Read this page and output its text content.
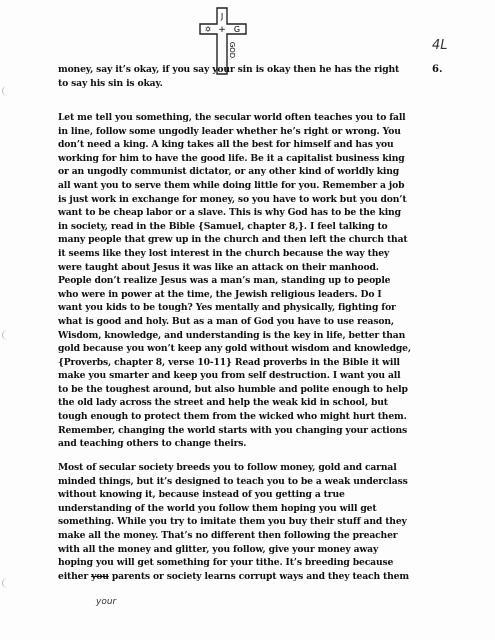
J
✡	G
+
GOD	4L
6.
money, say it’s okay, if you say your sin is okay then he has the right
to say his sin is okay.
Let me tell you something, the secular world often teaches you to fall
in line, follow some ungodly leader whether he’s right or wrong. You
don’t need a king. A king takes all the best for himself and has you
working for him to have the good life. Be it a capitalist business king
or an ungodly communist dictator, or any other kind of worldly king
all want you to serve them while doing little for you. Remember a job
is just work in exchange for money, so you have to work but you don’t
want to be cheap labor or a slave. This is why God has to be the king
in society, read in the Bible {Samuel, chapter 8,}. I feel talking to
many people that grew up in the church and then left the church that
it seems like they lost interest in the church because the way they
were taught about Jesus it was like an attack on their manhood.
People don’t realize Jesus was a man’s man, standing up to people
who were in power at the time, the Jewish religious leaders. Do I
want you kids to be tough? Yes mentally and physically, fighting for
what is good and holy. But as a man of God you have to use reason,
Wisdom, knowledge, and understanding is the key in life, better than
gold because you won’t keep any gold without wisdom and knowledge,
{Proverbs, chapter 8, verse 10-11} Read proverbs in the Bible it will
make you smarter and keep you from self destruction. I want you all
to be the toughest around, but also humble and polite enough to help
the old lady across the street and help the weak kid in school, but
tough enough to protect them from the wicked who might hurt them.
Remember, changing the world starts with you changing your actions
and teaching others to change theirs.
Most of secular society breeds you to follow money, gold and carnal
minded things, but it’s designed to teach you to be a weak underclass
without knowing it, because instead of you getting a true
understanding of the world you follow them hoping you will get
something. While you try to imitate them you buy their stuff and they
make all the money. That’s no different then following the preacher
with all the money and glitter, you follow, give your money away
hoping you will get something for your tithe. It’s breeding because
either you parents or society learns corrupt ways and they teach them
your
